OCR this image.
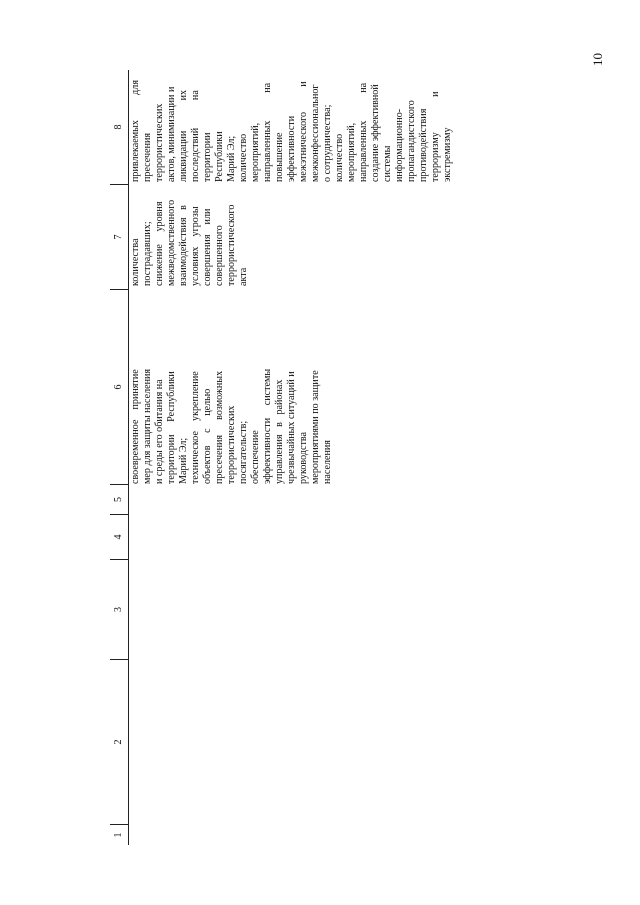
10
1
2
3
4
5
6
7
8

своевременное    принятие мер для защиты населения и среды его обитания на территории     Республики Марий Эл; техническое    укрепление объектов     с     целью пресечения      возможных террористических посягательств; обеспечение эффективности     системы управления   в   районах чрезвычайных ситуаций и руководства мероприятиями по защите населения

количества пострадавших; снижение     уровня межведомственного взаимодействия   в условиях    угрозы совершения    или совершенного террористического акта

привлекаемых          для пресечения террористических актов, минимизации и ликвидации            их последствий           на территории Республики Марий Эл; количество мероприятий, направленных           на повышение эффективности межэтнического          и межконфессиональног о сотрудничества; количество мероприятий, направленных           на создание эффективной системы информационно- пропагандистского противодействия терроризму              и экстремизму
